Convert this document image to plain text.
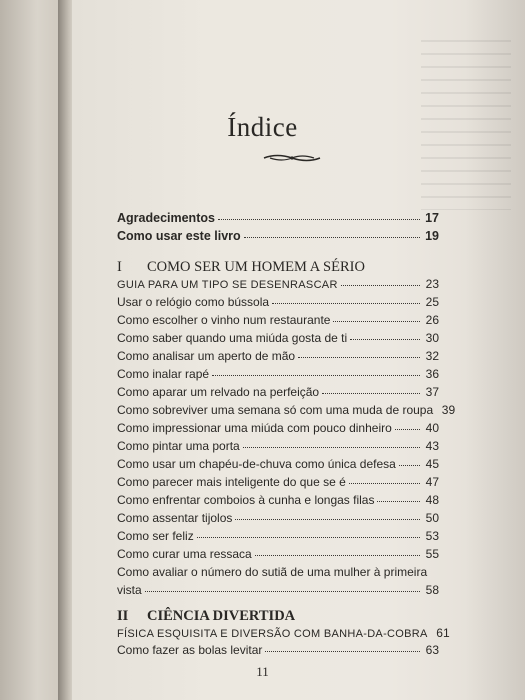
Índice
Agradecimentos	17
Como usar este livro	19
I COMO SER UM HOMEM A SÉRIO
GUIA PARA UM TIPO SE DESENRASCAR	23
Usar o relógio como bússola	25
Como escolher o vinho num restaurante	26
Como saber quando uma miúda gosta de ti	30
Como analisar um aperto de mão	32
Como inalar rapé	36
Como aparar um relvado na perfeição	37
Como sobreviver uma semana só com uma muda de roupa 39
Como impressionar uma miúda com pouco dinheiro	40
Como pintar uma porta	43
Como usar um chapéu-de-chuva como única defesa 45
Como parecer mais inteligente do que se é	47
Como enfrentar comboios à cunha e longas filas	48
Como assentar tijolos	50
Como ser feliz	53
Como curar uma ressaca	55
Como avaliar o número do sutiã de uma mulher à primeira
vista	58
II CIÊNCIA DIVERTIDA
FÍSICA ESQUISITA E DIVERSÃO COM BANHA-DA-COBRA 61
Como fazer as bolas levitar	63
11
